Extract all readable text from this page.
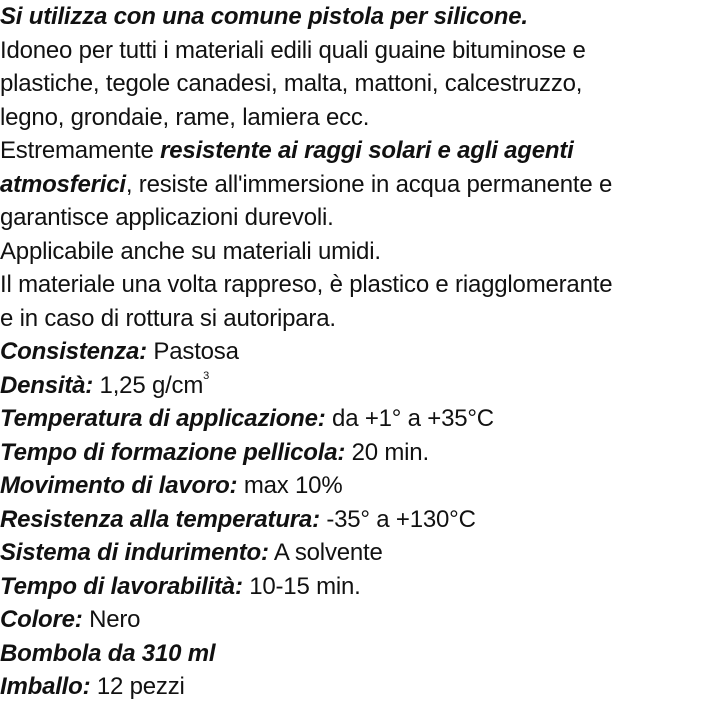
Si utilizza con una comune pistola per silicone.
Idoneo per tutti i materiali edili quali guaine bituminose e
plastiche, tegole canadesi, malta, mattoni, calcestruzzo,
legno, grondaie, rame, lamiera ecc.
Estremamente resistente ai raggi solari e agli agenti
atmosferici, resiste all'immersione in acqua permanente e
garantisce applicazioni durevoli.
Applicabile anche su materiali umidi.
Il materiale una volta rappreso, è plastico e riagglomerante
e in caso di rottura si autoripara.
Consistenza: Pastosa
Densità: 1,25 $g/cm^3$
Temperatura di applicazione: da +1° a +35°C
Tempo di formazione pellicola: 20 min.
Movimento di lavoro: max 10%
Resistenza alla temperatura: -35° a +130°C
Sistema di indurimento: A solvente
Tempo di lavorabilità: 10-15 min.
Colore: Nero
Bombola da 310 ml
Imballo: 12 pezzi
